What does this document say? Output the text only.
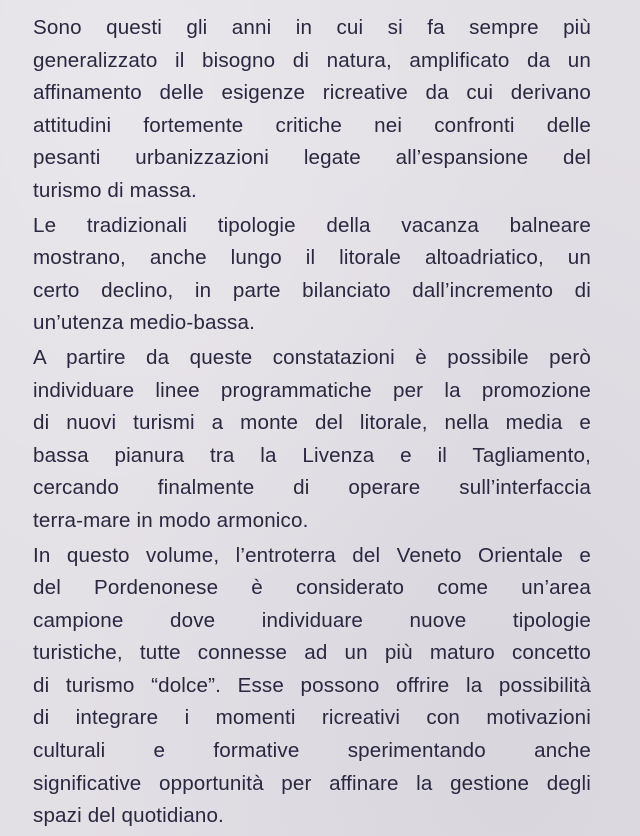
Sono questi gli anni in cui si fa sempre più
generalizzato il bisogno di natura, amplificato da un
affinamento delle esigenze ricreative da cui derivano
attitudini fortemente critiche nei confronti delle
pesanti urbanizzazioni legate all’espansione del
turismo di massa.

Le tradizionali tipologie della vacanza balneare
mostrano, anche lungo il litorale altoadriatico, un
certo declino, in parte bilanciato dall’incremento di
un’utenza medio-bassa.

A partire da queste constatazioni è possibile però
individuare linee programmatiche per la promozione
di nuovi turismi a monte del litorale, nella media e
bassa pianura tra la Livenza e il Tagliamento,
cercando finalmente di operare sull’interfaccia
terra-mare in modo armonico.

In questo volume, l’entroterra del Veneto Orientale e
del Pordenonese è considerato come un’area
campione dove individuare nuove tipologie
turistiche, tutte connesse ad un più maturo concetto
di turismo “dolce”. Esse possono offrire la possibilità
di integrare i momenti ricreativi con motivazioni
culturali e formative sperimentando anche
significative opportunità per affinare la gestione degli
spazi del quotidiano.
